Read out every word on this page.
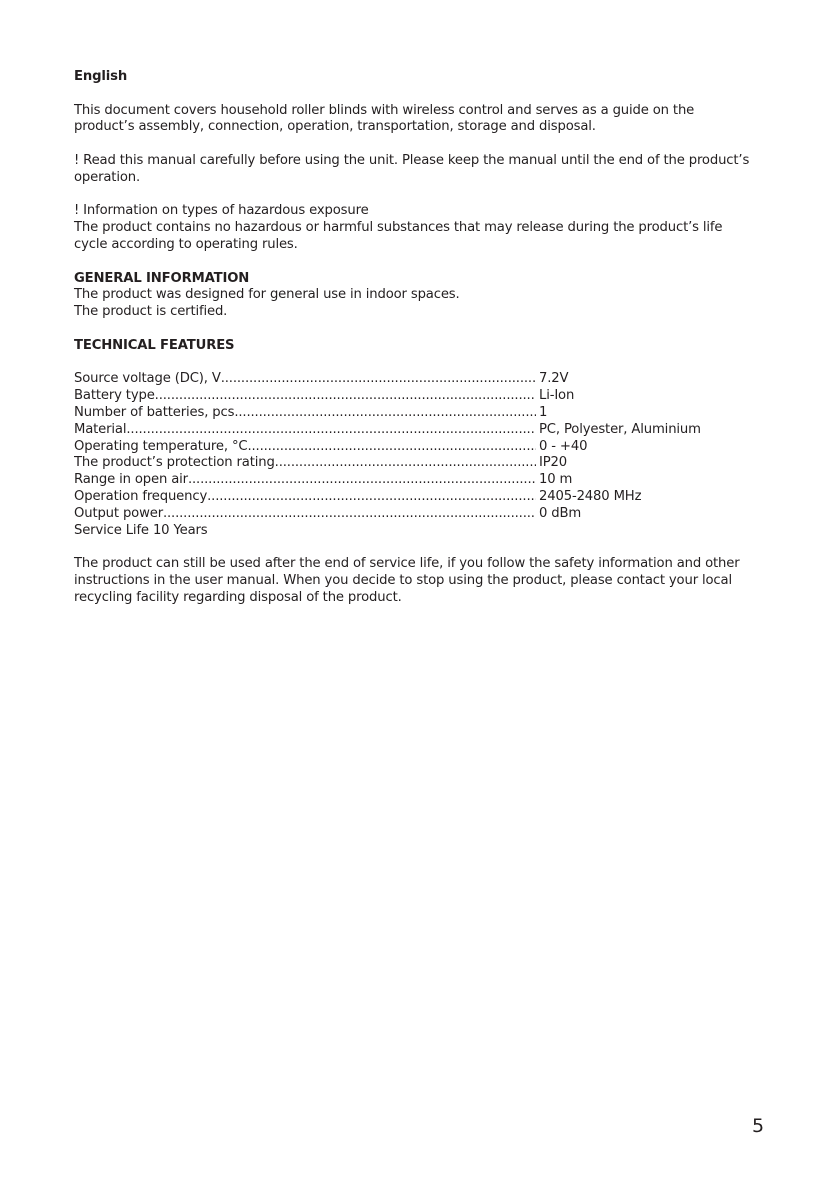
English
This document covers household roller blinds with wireless control and serves as a guide on the
product’s assembly, connection, operation, transportation, storage and disposal.
! Read this manual carefully before using the unit. Please keep the manual until the end of the product’s
operation.
! Information on types of hazardous exposure
The product contains no hazardous or harmful substances that may release during the product’s life
cycle according to operating rules.
GENERAL INFORMATION
The product was designed for general use in indoor spaces.
The product is certified.
TECHNICAL FEATURES
Source voltage (DC), V .....	7.2V
Battery type .....	Li-Ion
Number of batteries, pcs. .....	1
Material .....	PC, Polyester, Aluminium
Operating temperature, °C .....	0 - +40
The product’s protection rating .....	IP20
Range in open air .....	10 m
Operation frequency .....	2405-2480 MHz
Output power .....	0 dBm
Service Life 10 Years
The product can still be used after the end of service life, if you follow the safety information and other
instructions in the user manual. When you decide to stop using the product, please contact your local
recycling facility regarding disposal of the product.
5
